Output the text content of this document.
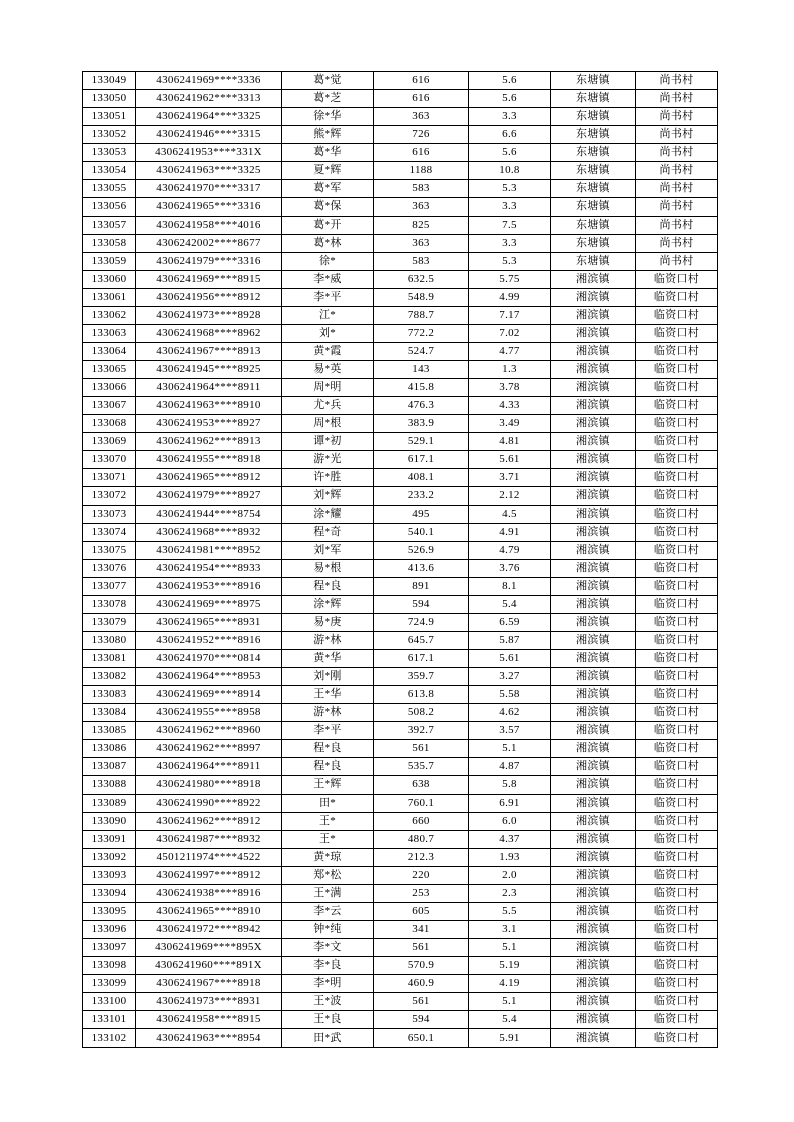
133049	4306241969****3336	葛*觉	616	5.6	东塘镇	尚书村
133050	4306241962****3313	葛*芝	616	5.6	东塘镇	尚书村
133051	4306241964****3325	徐*华	363	3.3	东塘镇	尚书村
133052	4306241946****3315	熊*辉	726	6.6	东塘镇	尚书村
133053	4306241953****331X	葛*华	616	5.6	东塘镇	尚书村
133054	4306241963****3325	夏*辉	1188	10.8	东塘镇	尚书村
133055	4306241970****3317	葛*军	583	5.3	东塘镇	尚书村
133056	4306241965****3316	葛*保	363	3.3	东塘镇	尚书村
133057	4306241958****4016	葛*开	825	7.5	东塘镇	尚书村
133058	4306242002****8677	葛*林	363	3.3	东塘镇	尚书村
133059	4306241979****3316	徐*	583	5.3	东塘镇	尚书村
133060	4306241969****8915	李*威	632.5	5.75	湘滨镇	临资口村
133061	4306241956****8912	李*平	548.9	4.99	湘滨镇	临资口村
133062	4306241973****8928	江*	788.7	7.17	湘滨镇	临资口村
133063	4306241968****8962	刘*	772.2	7.02	湘滨镇	临资口村
133064	4306241967****8913	黄*霞	524.7	4.77	湘滨镇	临资口村
133065	4306241945****8925	易*英	143	1.3	湘滨镇	临资口村
133066	4306241964****8911	周*明	415.8	3.78	湘滨镇	临资口村
133067	4306241963****8910	尤*兵	476.3	4.33	湘滨镇	临资口村
133068	4306241953****8927	周*根	383.9	3.49	湘滨镇	临资口村
133069	4306241962****8913	谭*初	529.1	4.81	湘滨镇	临资口村
133070	4306241955****8918	游*光	617.1	5.61	湘滨镇	临资口村
133071	4306241965****8912	许*胜	408.1	3.71	湘滨镇	临资口村
133072	4306241979****8927	刘*辉	233.2	2.12	湘滨镇	临资口村
133073	4306241944****8754	涂*耀	495	4.5	湘滨镇	临资口村
133074	4306241968****8932	程*奇	540.1	4.91	湘滨镇	临资口村
133075	4306241981****8952	刘*军	526.9	4.79	湘滨镇	临资口村
133076	4306241954****8933	易*根	413.6	3.76	湘滨镇	临资口村
133077	4306241953****8916	程*良	891	8.1	湘滨镇	临资口村
133078	4306241969****8975	涂*辉	594	5.4	湘滨镇	临资口村
133079	4306241965****8931	易*庚	724.9	6.59	湘滨镇	临资口村
133080	4306241952****8916	游*林	645.7	5.87	湘滨镇	临资口村
133081	4306241970****0814	黄*华	617.1	5.61	湘滨镇	临资口村
133082	4306241964****8953	刘*刚	359.7	3.27	湘滨镇	临资口村
133083	4306241969****8914	王*华	613.8	5.58	湘滨镇	临资口村
133084	4306241955****8958	游*林	508.2	4.62	湘滨镇	临资口村
133085	4306241962****8960	李*平	392.7	3.57	湘滨镇	临资口村
133086	4306241962****8997	程*良	561	5.1	湘滨镇	临资口村
133087	4306241964****8911	程*良	535.7	4.87	湘滨镇	临资口村
133088	4306241980****8918	王*辉	638	5.8	湘滨镇	临资口村
133089	4306241990****8922	田*	760.1	6.91	湘滨镇	临资口村
133090	4306241962****8912	王*	660	6.0	湘滨镇	临资口村
133091	4306241987****8932	王*	480.7	4.37	湘滨镇	临资口村
133092	4501211974****4522	黄*琼	212.3	1.93	湘滨镇	临资口村
133093	4306241997****8912	郑*松	220	2.0	湘滨镇	临资口村
133094	4306241938****8916	王*满	253	2.3	湘滨镇	临资口村
133095	4306241965****8910	李*云	605	5.5	湘滨镇	临资口村
133096	4306241972****8942	钟*纯	341	3.1	湘滨镇	临资口村
133097	4306241969****895X	李*文	561	5.1	湘滨镇	临资口村
133098	4306241960****891X	李*良	570.9	5.19	湘滨镇	临资口村
133099	4306241967****8918	李*明	460.9	4.19	湘滨镇	临资口村
133100	4306241973****8931	王*波	561	5.1	湘滨镇	临资口村
133101	4306241958****8915	王*良	594	5.4	湘滨镇	临资口村
133102	4306241963****8954	田*武	650.1	5.91	湘滨镇	临资口村
